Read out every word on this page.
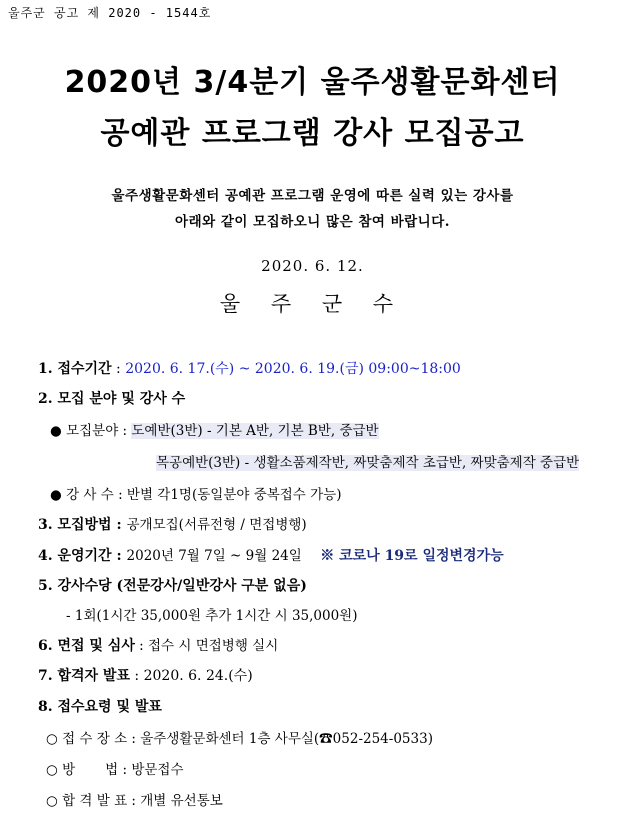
울주군 공고 제 2020 - 1544호
2020년 3/4분기 울주생활문화센터
공예관 프로그램 강사 모집공고
울주생활문화센터 공예관 프로그램 운영에 따른 실력 있는 강사를
아래와 같이 모집하오니 많은 참여 바랍니다.
2020. 6. 12.
울 주 군 수
1. 접수기간 : 2020. 6. 17.(수) ~ 2020. 6. 19.(금) 09:00~18:00
2. 모집 분야 및 강사 수
● 모집분야 : 도예반(3반) - 기본 A반, 기본 B반, 중급반
목공예반(3반) - 생활소품제작반, 짜맞춤제작 초급반, 짜맞춤제작 중급반
● 강 사 수 : 반별 각1명(동일분야 중복접수 가능)
3. 모집방법 : 공개모집(서류전형 / 면접병행)
4. 운영기간 : 2020년 7월 7일 ~ 9월 24일 ※ 코로나 19로 일정변경가능
5. 강사수당 (전문강사/일반강사 구분 없음)
- 1회(1시간 35,000원 추가 1시간 시 35,000원)
6. 면접 및 심사 : 접수 시 면접병행 실시
7. 합격자 발표 : 2020. 6. 24.(수)
8. 접수요령 및 발표
○ 접 수 장 소 : 울주생활문화센터 1층 사무실(☎052-254-0533)
○ 방       법 : 방문접수
○ 합 격 발 표 : 개별 유선통보
